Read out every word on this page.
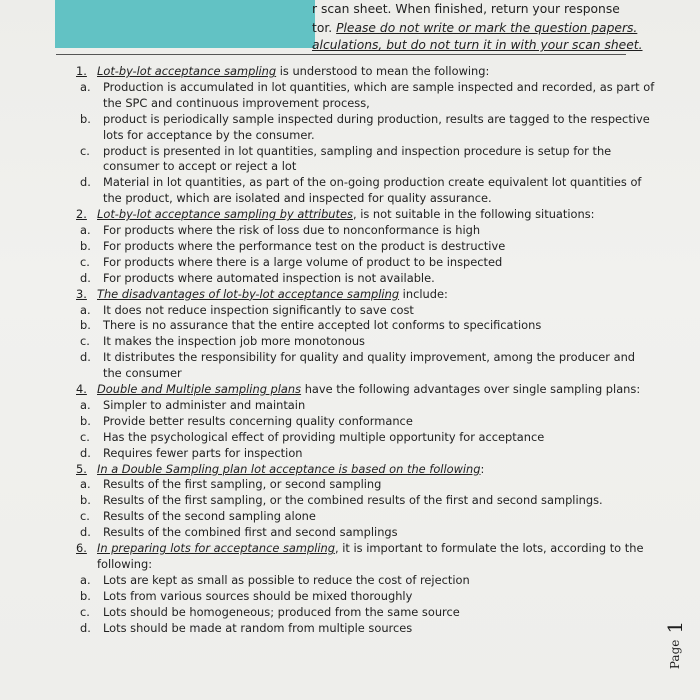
r scan sheet. When finished, return your response
tor. Please do not write or mark the question papers.
alculations, but do not turn it in with your scan sheet.
1. Lot-by-lot acceptance sampling is understood to mean the following:
a. Production is accumulated in lot quantities, which are sample inspected and recorded, as part of
the SPC and continuous improvement process,
b. product is periodically sample inspected during production, results are tagged to the respective
lots for acceptance by the consumer.
c. product is presented in lot quantities, sampling and inspection procedure is setup for the
consumer to accept or reject a lot
d. Material in lot quantities, as part of the on-going production create equivalent lot quantities of
the product, which are isolated and inspected for quality assurance.
2. Lot-by-lot acceptance sampling by attributes, is not suitable in the following situations:
a. For products where the risk of loss due to nonconformance is high
b. For products where the performance test on the product is destructive
c. For products where there is a large volume of product to be inspected
d. For products where automated inspection is not available.
3. The disadvantages of lot-by-lot acceptance sampling include:
a. It does not reduce inspection significantly to save cost
b. There is no assurance that the entire accepted lot conforms to specifications
c. It makes the inspection job more monotonous
d. It distributes the responsibility for quality and quality improvement, among the producer and
the consumer
4. Double and Multiple sampling plans have the following advantages over single sampling plans:
a. Simpler to administer and maintain
b. Provide better results concerning quality conformance
c. Has the psychological effect of providing multiple opportunity for acceptance
d. Requires fewer parts for inspection
5. In a Double Sampling plan lot acceptance is based on the following:
a. Results of the first sampling, or second sampling
b. Results of the first sampling, or the combined results of the first and second samplings.
c. Results of the second sampling alone
d. Results of the combined first and second samplings
6. In preparing lots for acceptance sampling, it is important to formulate the lots, according to the
following:
a. Lots are kept as small as possible to reduce the cost of rejection
b. Lots from various sources should be mixed thoroughly
c. Lots should be homogeneous; produced from the same source
d. Lots should be made at random from multiple sources
Page
1
